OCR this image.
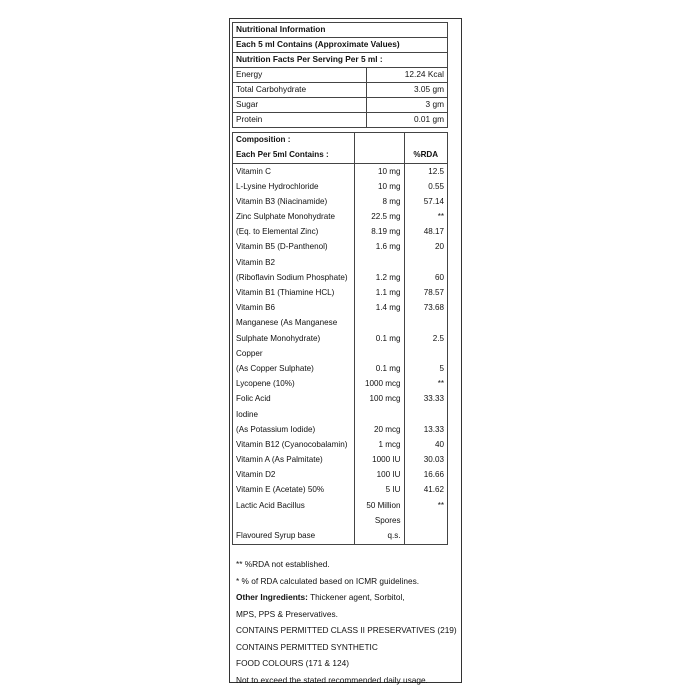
Nutritional Information	
Each 5 ml Contains (Approximate Values)	
Nutrition Facts Per Serving Per 5 ml :	
Energy	12.24 Kcal
Total Carbohydrate	3.05 gm
Sugar	3 gm
Protein	0.01 gm
Composition :		
Each Per 5ml Contains :		%RDA
Vitamin C	10 mg	12.5
L-Lysine Hydrochloride	10 mg	0.55
Vitamin B3 (Niacinamide)	8 mg	57.14
Zinc Sulphate Monohydrate	22.5 mg	**
(Eq. to Elemental Zinc)	8.19 mg	48.17
Vitamin B5 (D-Panthenol)	1.6 mg	20
Vitamin B2		
(Riboflavin Sodium Phosphate)	1.2 mg	60
Vitamin B1 (Thiamine HCL)	1.1 mg	78.57
Vitamin B6	1.4 mg	73.68
Manganese (As Manganese		
Sulphate Monohydrate)	0.1 mg	2.5
Copper		
(As Copper Sulphate)	0.1 mg	5
Lycopene (10%)	1000 mcg	**
Folic Acid	100 mcg	33.33
Iodine		
(As Potassium Iodide)	20 mcg	13.33
Vitamin B12 (Cyanocobalamin)	1 mcg	40
Vitamin A (As Palmitate)	1000 IU	30.03
Vitamin D2	100 IU	16.66
Vitamin E (Acetate) 50%	5 IU	41.62
Lactic Acid Bacillus	50 Million	**
	Spores	
Flavoured Syrup base	q.s.	
** %RDA not established.
* % of RDA calculated based on ICMR guidelines.
Other Ingredients: Thickener agent, Sorbitol,
MPS, PPS & Preservatives.
CONTAINS PERMITTED CLASS II PRESERVATIVES (219)
CONTAINS PERMITTED SYNTHETIC
FOOD COLOURS (171 & 124)
Not to exceed the stated recommended daily usage.
